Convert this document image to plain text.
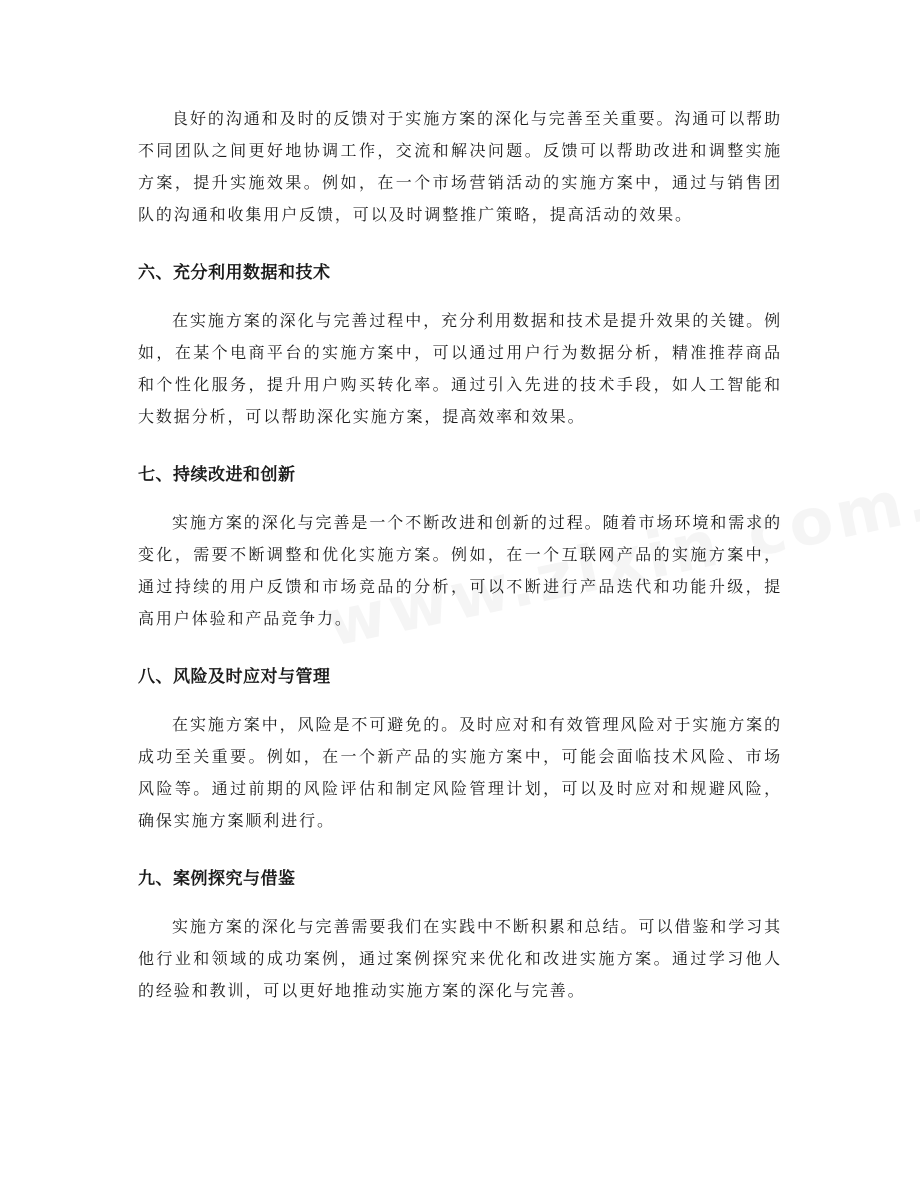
良好的沟通和及时的反馈对于实施方案的深化与完善至关重要。沟通可以帮助不同团队之间更好地协调工作，交流和解决问题。反馈可以帮助改进和调整实施方案，提升实施效果。例如，在一个市场营销活动的实施方案中，通过与销售团队的沟通和收集用户反馈，可以及时调整推广策略，提高活动的效果。

六、充分利用数据和技术

在实施方案的深化与完善过程中，充分利用数据和技术是提升效果的关键。例如，在某个电商平台的实施方案中，可以通过用户行为数据分析，精准推荐商品和个性化服务，提升用户购买转化率。通过引入先进的技术手段，如人工智能和大数据分析，可以帮助深化实施方案，提高效率和效果。

七、持续改进和创新

实施方案的深化与完善是一个不断改进和创新的过程。随着市场环境和需求的变化，需要不断调整和优化实施方案。例如，在一个互联网产品的实施方案中，通过持续的用户反馈和市场竞品的分析，可以不断进行产品迭代和功能升级，提高用户体验和产品竞争力。

八、风险及时应对与管理

在实施方案中，风险是不可避免的。及时应对和有效管理风险对于实施方案的成功至关重要。例如，在一个新产品的实施方案中，可能会面临技术风险、市场风险等。通过前期的风险评估和制定风险管理计划，可以及时应对和规避风险，确保实施方案顺利进行。

九、案例探究与借鉴

实施方案的深化与完善需要我们在实践中不断积累和总结。可以借鉴和学习其他行业和领域的成功案例，通过案例探究来优化和改进实施方案。通过学习他人的经验和教训，可以更好地推动实施方案的深化与完善。
